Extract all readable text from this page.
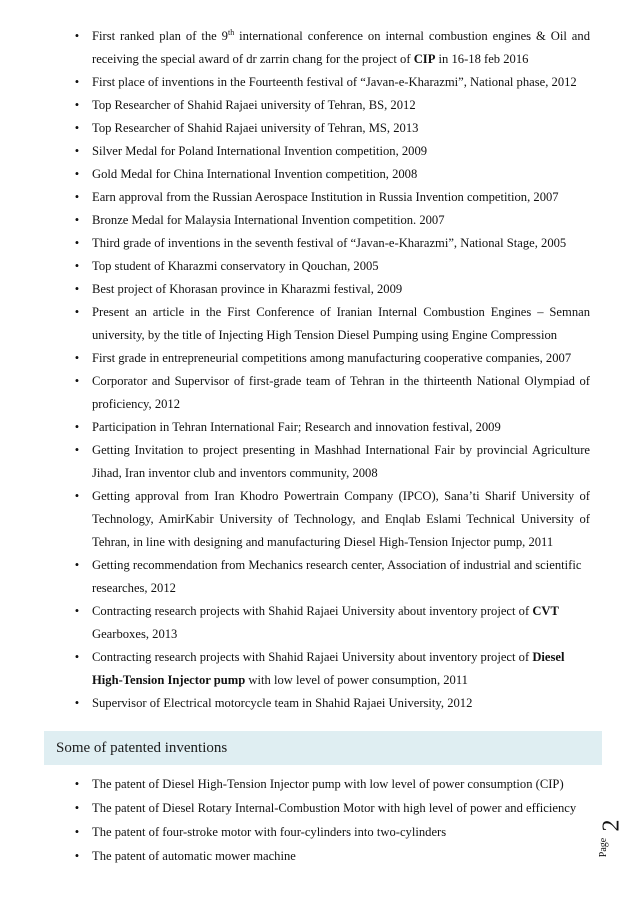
• First ranked plan of the 9th international conference on internal combustion engines & Oil and receiving the special award of dr zarrin chang for the project of CIP in 16-18 feb 2016
• First place of inventions in the Fourteenth festival of “Javan-e-Kharazmi”, National phase, 2012
• Top Researcher of Shahid Rajaei university of Tehran, BS, 2012
• Top Researcher of Shahid Rajaei university of Tehran, MS, 2013
• Silver Medal for Poland International Invention competition, 2009
• Gold Medal for China International Invention competition, 2008
• Earn approval from the Russian Aerospace Institution in Russia Invention competition, 2007
• Bronze Medal for Malaysia International Invention competition. 2007
• Third grade of inventions in the seventh festival of “Javan-e-Kharazmi”, National Stage, 2005
• Top student of Kharazmi conservatory in Qouchan, 2005
• Best project of Khorasan province in Kharazmi festival, 2009
• Present an article in the First Conference of Iranian Internal Combustion Engines – Semnan university, by the title of Injecting High Tension Diesel Pumping using Engine Compression
• First grade in entrepreneurial competitions among manufacturing cooperative companies, 2007
• Corporator and Supervisor of first-grade team of Tehran in the thirteenth National Olympiad of proficiency, 2012
• Participation in Tehran International Fair; Research and innovation festival, 2009
• Getting Invitation to project presenting in Mashhad International Fair by provincial Agriculture Jihad, Iran inventor club and inventors community, 2008
• Getting approval from Iran Khodro Powertrain Company (IPCO), Sana’ti Sharif University of Technology, AmirKabir University of Technology, and Enqlab Eslami Technical University of Tehran, in line with designing and manufacturing Diesel High-Tension Injector pump, 2011
• Getting recommendation from Mechanics research center, Association of industrial and scientific researches, 2012
• Contracting research projects with Shahid Rajaei University about inventory project of CVT Gearboxes, 2013
• Contracting research projects with Shahid Rajaei University about inventory project of Diesel High-Tension Injector pump with low level of power consumption, 2011
• Supervisor of Electrical motorcycle team in Shahid Rajaei University, 2012
Some of patented inventions
• The patent of Diesel High-Tension Injector pump with low level of power consumption (CIP)
• The patent of Diesel Rotary Internal-Combustion Motor with high level of power and efficiency
• The patent of four-stroke motor with four-cylinders into two-cylinders
• The patent of automatic mower machine	Page
2
